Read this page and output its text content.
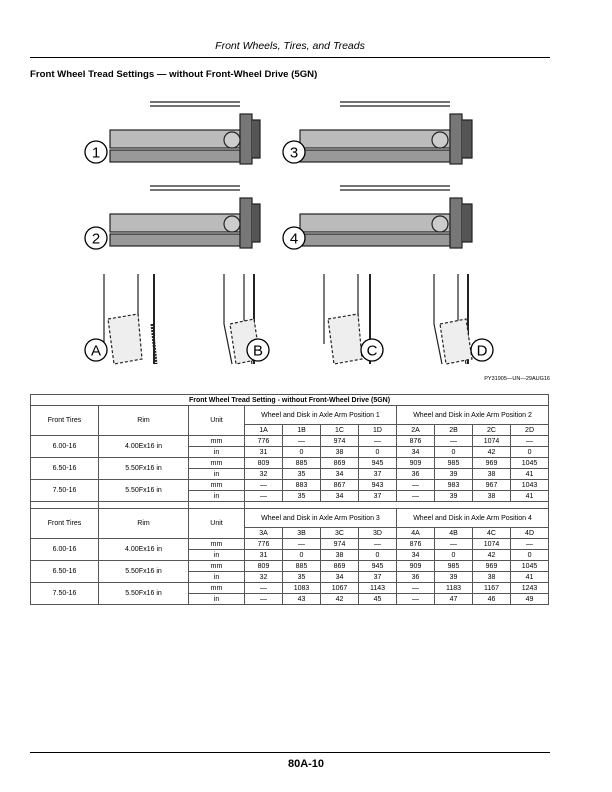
Front Wheels, Tires, and Treads
Front Wheel Tread Settings — without Front-Wheel Drive (5GN)
1
2
3
4
A	B	C	D
PY31905—UN—29AUG16
Front Wheel Tread Setting - without Front-Wheel Drive (5GN)										
Front Tires	Rim	Unit	Wheel and Disk in Axle Arm Position 1				Wheel and Disk in Axle Arm Position 2			
			1A	1B	1C	1D	2A	2B	2C	2D
6.00-16	4.00Ex16 in	mm	776	—	974	—	876	—	1074	—
		in	31	0	38	0	34	0	42	0
6.50-16	5.50Fx16 in	mm	809	885	869	945	909	985	969	1045
		in	32	35	34	37	36	39	38	41
7.50-16	5.50Fx16 in	mm	—	883	867	943	—	983	967	1043
		in	—	35	34	37	—	39	38	41

Front Tires	Rim	Unit	Wheel and Disk in Axle Arm Position 3				Wheel and Disk in Axle Arm Position 4			
			3A	3B	3C	3D	4A	4B	4C	4D
6.00-16	4.00Ex16 in	mm	776	—	974	—	876	—	1074	—
		in	31	0	38	0	34	0	42	0
6.50-16	5.50Fx16 in	mm	809	885	869	945	909	985	969	1045
		in	32	35	34	37	36	39	38	41
7.50-16	5.50Fx16 in	mm	—	1083	1067	1143	—	1183	1167	1243
		in	—	43	42	45	—	47	46	49
80A-10
